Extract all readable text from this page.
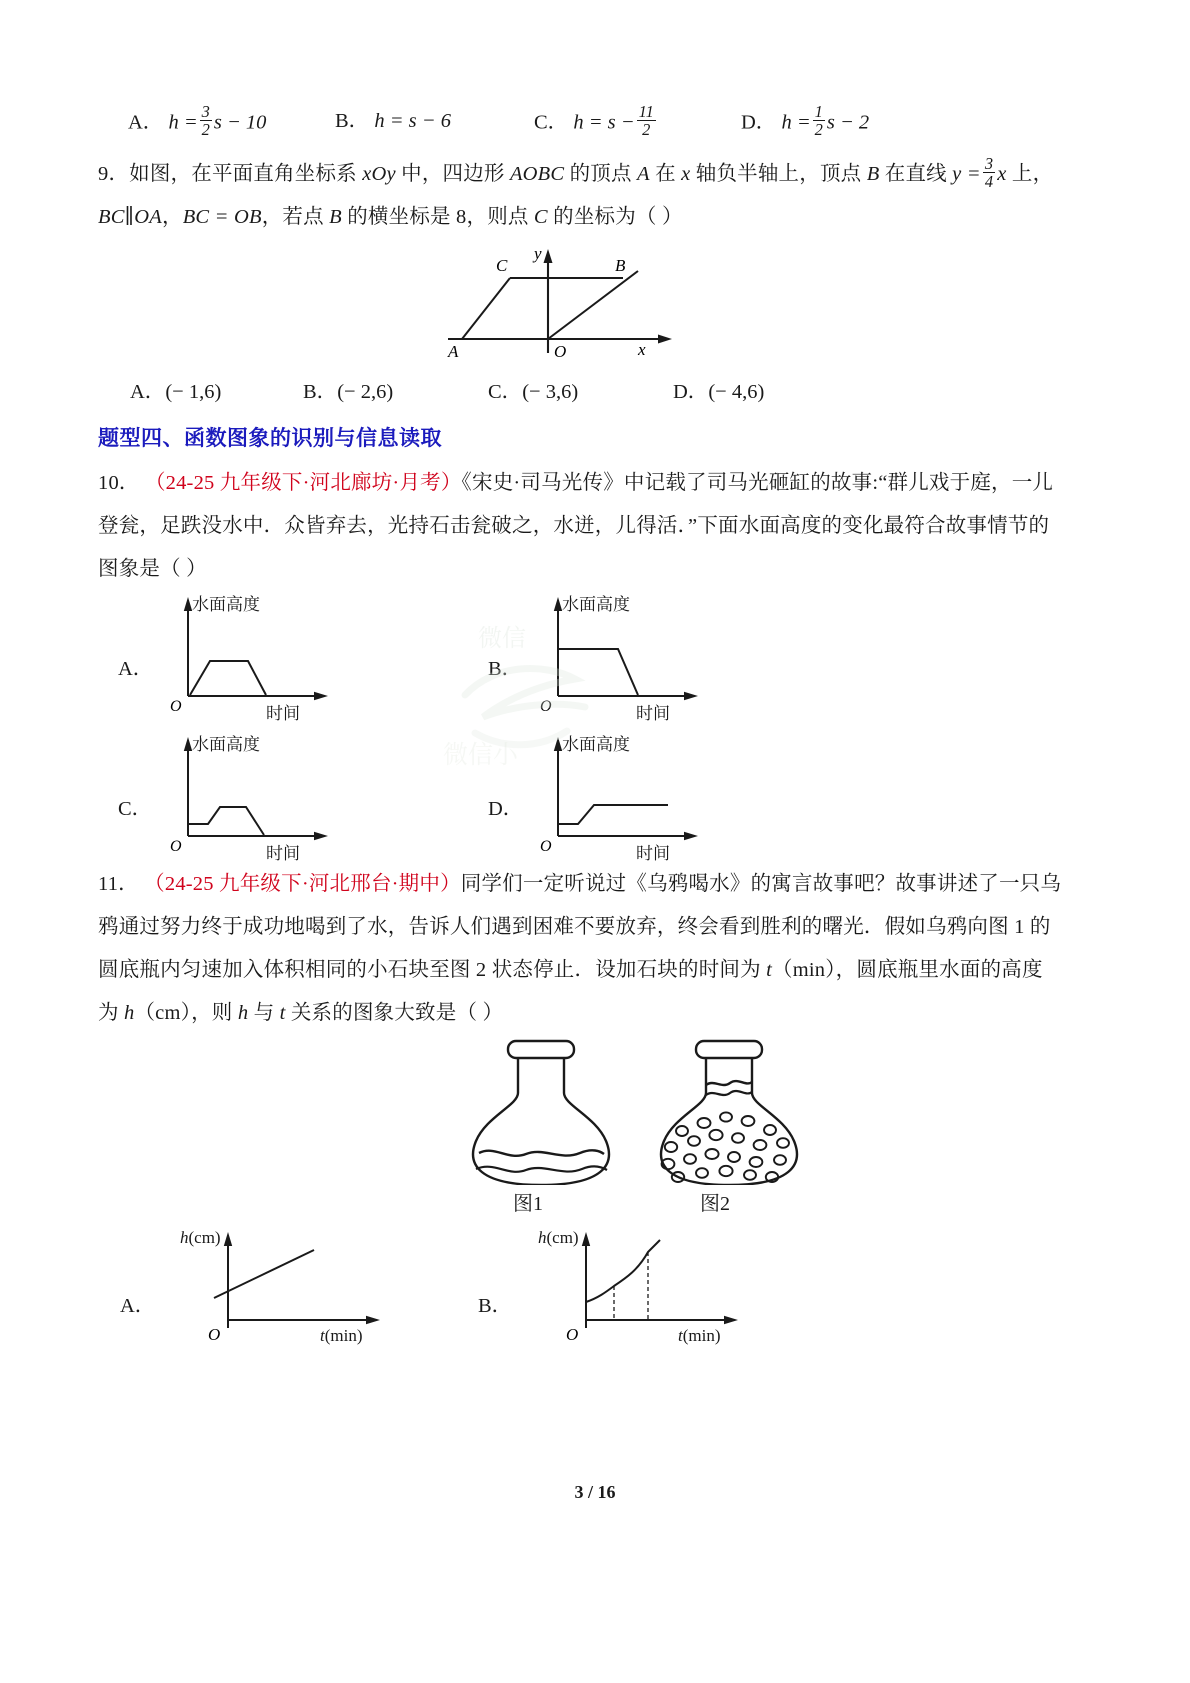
A． $h = \frac{3}{2}$ s − 10	B． h = s − 6	C． $h = s - \frac{11}{2}$	D． $h = \frac{1}{2}$ s − 2
9．如图，在平面直角坐标系 xOy 中，四边形 AOBC 的顶点 A 在 x 轴负半轴上，顶点 B 在直线 $y = \frac{3}{4}$ x 上，
BC∥OA，BC = OB，若点 B 的横坐标是 8，则点 C 的坐标为（ ）
y
x
O
A
B
C
A．(− 1,6)	B．(− 2,6)	C．(− 3,6)	D．(− 4,6)
题型四、函数图象的识别与信息读取
10． （24-25 九年级下·河北廊坊·月考）《宋史·司马光传》中记载了司马光砸缸的故事:“群儿戏于庭，一儿
登瓮，足跌没水中．众皆弃去，光持石击瓮破之，水迸，儿得活．”下面水面高度的变化最符合故事情节的
图象是（ ）
A．
O
水面高度
时间
B．
O
水面高度
时间
C．
O
水面高度
时间
D．
O
水面高度
时间
11． （24-25 九年级下·河北邢台·期中）同学们一定听说过《乌鸦喝水》的寓言故事吧？故事讲述了一只乌
鸦通过努力终于成功地喝到了水，告诉人们遇到困难不要放弃，终会看到胜利的曙光．假如乌鸦向图 1 的
圆底瓶内匀速加入体积相同的小石块至图 2 状态停止．设加石块的时间为 t（min），圆底瓶里水面的高度
为 h（cm），则 h 与 t 关系的图象大致是（ ）
图1	图2
A．
O
h(cm)
t(min)
B．
O
h(cm)
t(min)
微信
微信小
3 / 16
